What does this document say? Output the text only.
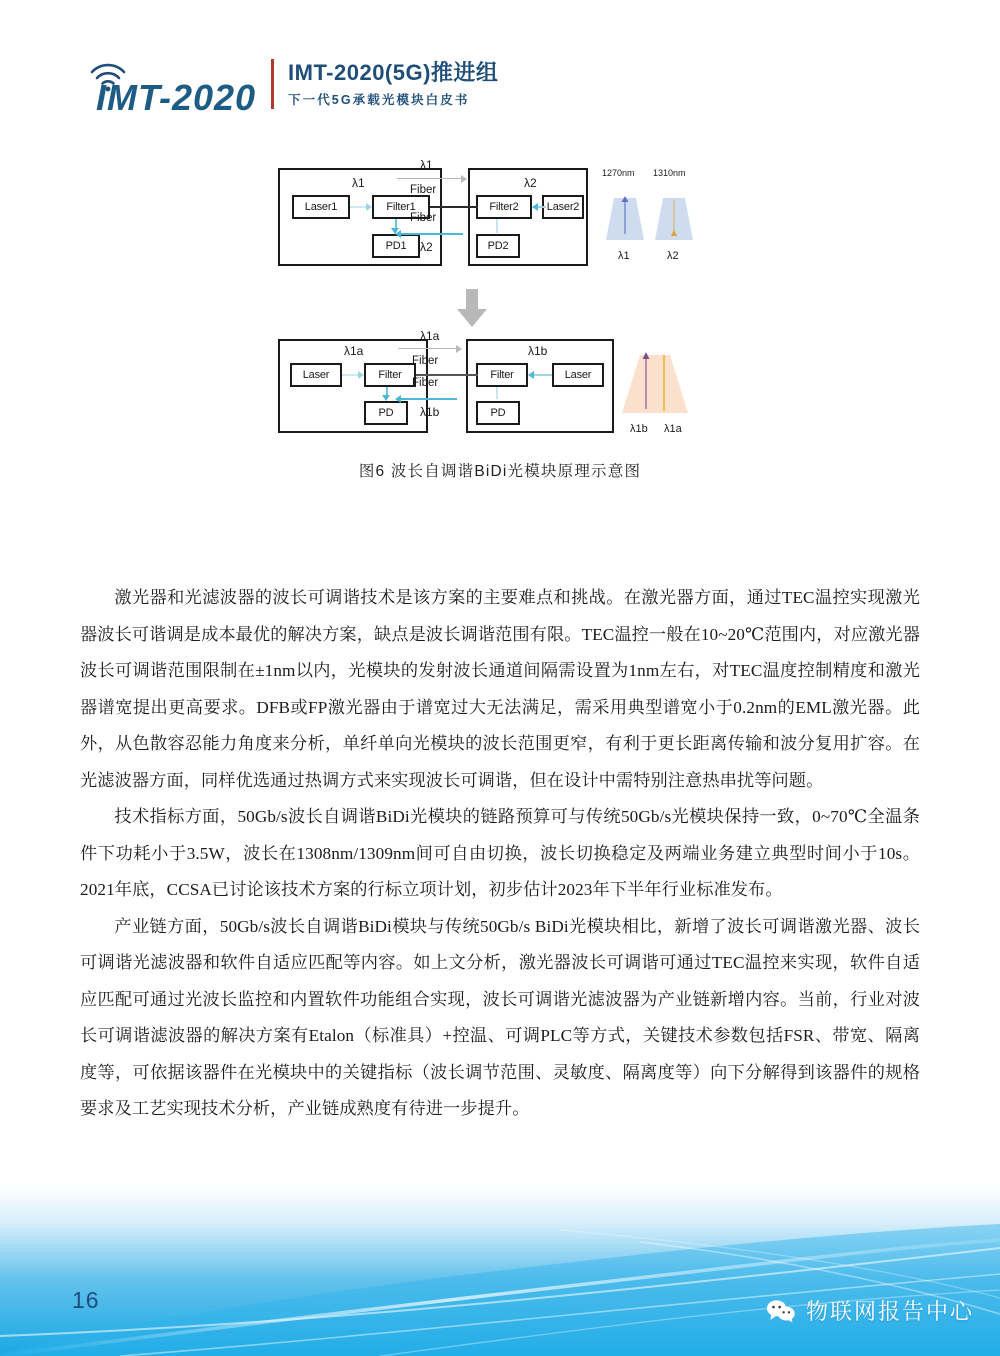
IMT-2020
IMT-2020(5G)推进组
下一代5G承载光模块白皮书
Laser1	Filter1
PD1
λ1
Filter2	Laser2
PD2
λ2
λ1
Fiber
Fiber
λ2
1270nm 1310nm
λ1	λ2
Laser	Filter
PD
λ1a
Filter	Laser
PD
λ1b
λ1a
Fiber
Fiber
λ1b
λ1b λ1a
图6 波长自调谐BiDi光模块原理示意图

激光器和光滤波器的波长可调谐技术是该方案的主要难点和挑战。在激光器方面，通过TEC温控实现激光器波长可谐调是成本最优的解决方案，缺点是波长调谐范围有限。TEC温控一般在10~20℃范围内，对应激光器波长可调谐范围限制在±1nm以内，光模块的发射波长通道间隔需设置为1nm左右，对TEC温度控制精度和激光器谱宽提出更高要求。DFB或FP激光器由于谱宽过大无法满足，需采用典型谱宽小于0.2nm的EML激光器。此外，从色散容忍能力角度来分析，单纤单向光模块的波长范围更窄，有利于更长距离传输和波分复用扩容。在光滤波器方面，同样优选通过热调方式来实现波长可调谐，但在设计中需特别注意热串扰等问题。

技术指标方面，50Gb/s波长自调谐BiDi光模块的链路预算可与传统50Gb/s光模块保持一致，0~70℃全温条件下功耗小于3.5W，波长在1308nm/1309nm间可自由切换，波长切换稳定及两端业务建立典型时间小于10s。2021年底，CCSA已讨论该技术方案的行标立项计划，初步估计2023年下半年行业标准发布。

产业链方面，50Gb/s波长自调谐BiDi模块与传统50Gb/s BiDi光模块相比，新增了波长可调谐激光器、波长可调谐光滤波器和软件自适应匹配等内容。如上文分析，激光器波长可调谐可通过TEC温控来实现，软件自适应匹配可通过光波长监控和内置软件功能组合实现，波长可调谐光滤波器为产业链新增内容。当前，行业对波长可调谐滤波器的解决方案有Etalon（标准具）+控温、可调PLC等方式，关键技术参数包括FSR、带宽、隔离度等，可依据该器件在光模块中的关键指标（波长调节范围、灵敏度、隔离度等）向下分解得到该器件的规格要求及工艺实现技术分析，产业链成熟度有待进一步提升。

16	物联网报告中心
